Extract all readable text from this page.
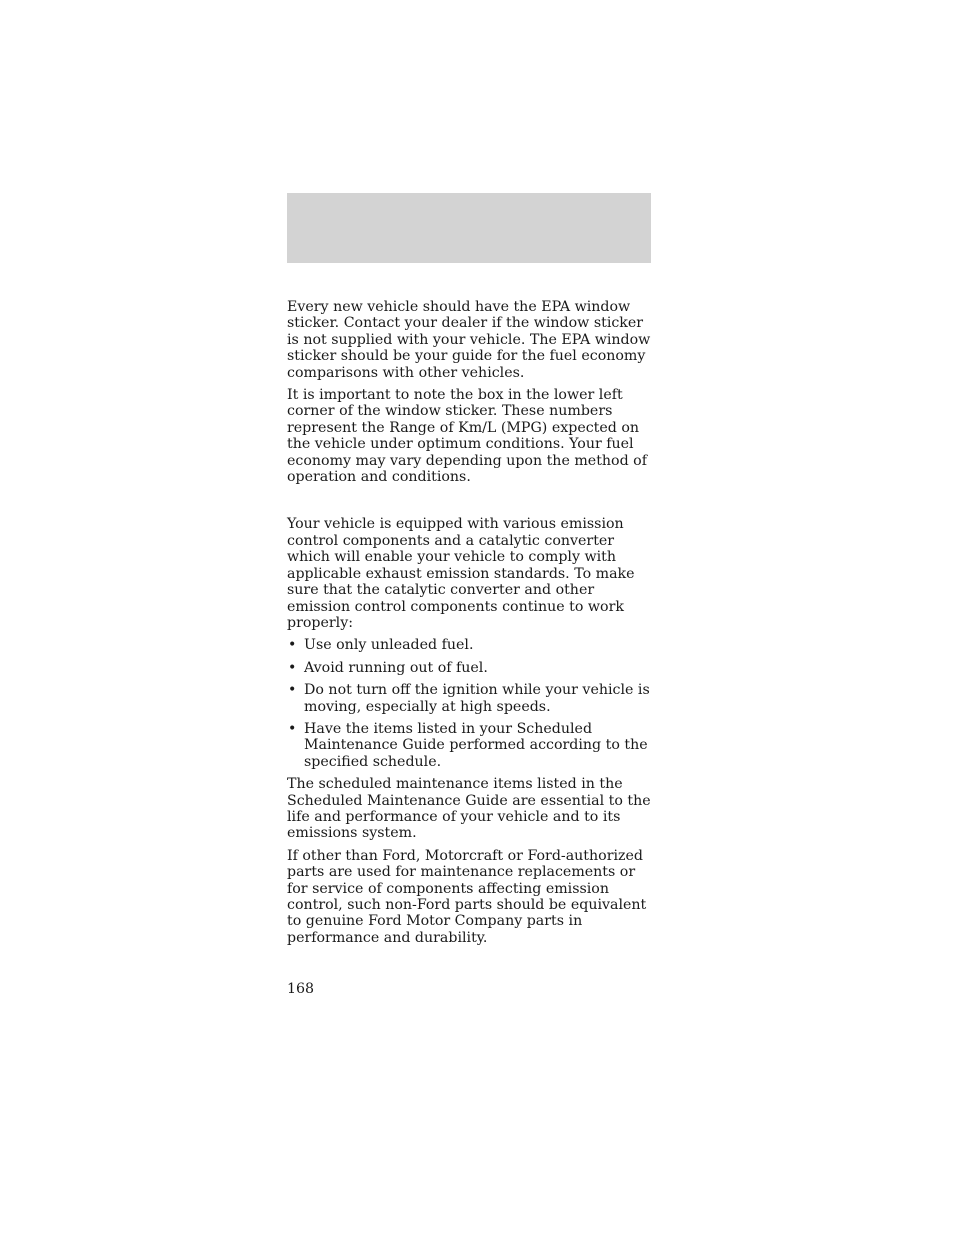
Every new vehicle should have the EPA window sticker. Contact your dealer if the window sticker is not supplied with your vehicle. The EPA window sticker should be your guide for the fuel economy comparisons with other vehicles.

It is important to note the box in the lower left corner of the window sticker. These numbers represent the Range of Km/L (MPG) expected on the vehicle under optimum conditions. Your fuel economy may vary depending upon the method of operation and conditions.

Your vehicle is equipped with various emission control components and a catalytic converter which will enable your vehicle to comply with applicable exhaust emission standards. To make sure that the catalytic converter and other emission control components continue to work properly:

• Use only unleaded fuel.
• Avoid running out of fuel.
• Do not turn off the ignition while your vehicle is moving, especially at high speeds.
• Have the items listed in your Scheduled Maintenance Guide performed according to the specified schedule.

The scheduled maintenance items listed in the Scheduled Maintenance Guide are essential to the life and performance of your vehicle and to its emissions system.

If other than Ford, Motorcraft or Ford-authorized parts are used for maintenance replacements or for service of components affecting emission control, such non-Ford parts should be equivalent to genuine Ford Motor Company parts in performance and durability.

168
